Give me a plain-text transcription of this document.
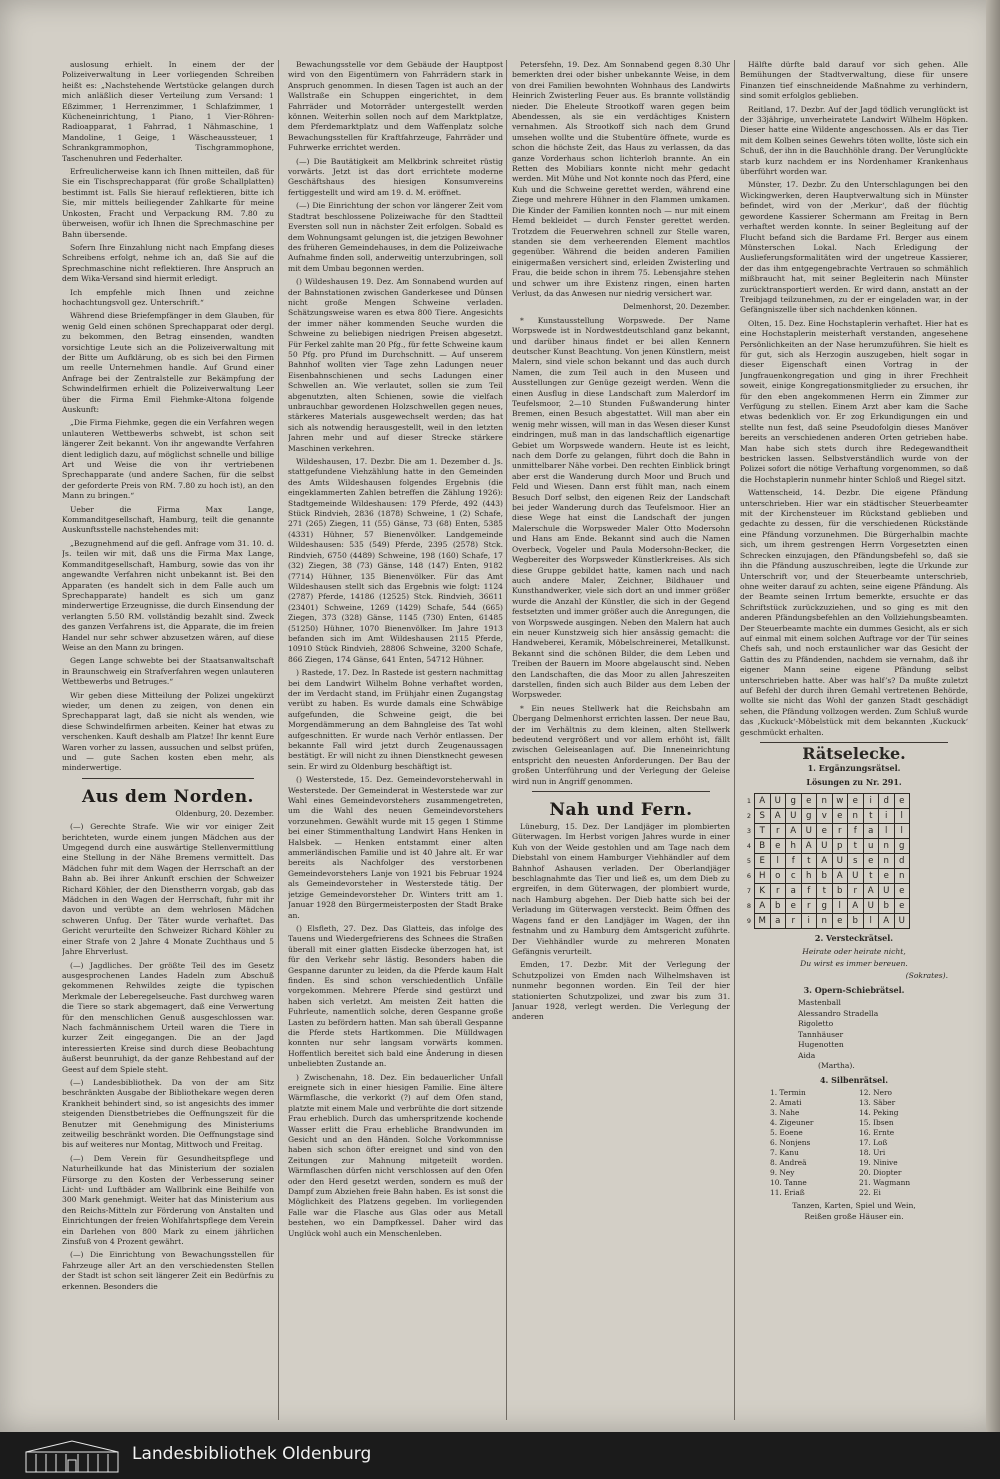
auslosung erhielt. In einem der der Polizeiverwaltung in Leer vorliegenden Schreiben heißt es: „Nachstehende Wertstücke gelangen durch mich anläßlich dieser Verteilung zum Versand: 1 Eßzimmer, 1 Herrenzimmer, 1 Schlafzimmer, 1 Kücheneinrichtung, 1 Piano, 1 Vier-Röhren-Radioapparat, 1 Fahrrad, 1 Nähmaschine, 1 Mandoline, 1 Geige, 1 Wäscheaussteuer, 1 Schrankgrammophon, Tischgrammophone, Taschenuhren und Federhalter.

Erfreulicherweise kann ich Ihnen mitteilen, daß für Sie ein Tischsprechapparat (für große Schallplatten) bestimmt ist. Falls Sie hierauf reflektieren, bitte ich Sie, mir mittels beiliegender Zahlkarte für meine Unkosten, Fracht und Verpackung RM. 7.80 zu überweisen, wofür ich Ihnen die Sprechmaschine per Bahn übersende.

Sofern Ihre Einzahlung nicht nach Empfang dieses Schreibens erfolgt, nehme ich an, daß Sie auf die Sprechmaschine nicht reflektieren. Ihre Anspruch an dem Wika-Versand sind hiermit erledigt.

Ich empfehle mich Ihnen und zeichne hochachtungsvoll gez. Unterschrift.“

Während diese Briefempfänger in dem Glauben, für wenig Geld einen schönen Sprechapparat oder dergl. zu bekommen, den Betrag einsenden, wandten vorsichtige Leute sich an die Polizeiverwaltung mit der Bitte um Aufklärung, ob es sich bei den Firmen um reelle Unternehmen handle. Auf Grund einer Anfrage bei der Zentralstelle zur Bekämpfung der Schwindelfirmen erhielt die Polizeiverwaltung Leer über die Firma Emil Fiehmke-Altona folgende Auskunft:

„Die Firma Fiehmke, gegen die ein Verfahren wegen unlauteren Wettbewerbs schwebt, ist schon seit längerer Zeit bekannt. Von ihr angewandte Verfahren dient lediglich dazu, auf möglichst schnelle und billige Art und Weise die von ihr vertriebenen Sprechapparate (und andere Sachen, für die selbst der geforderte Preis von RM. 7.80 zu hoch ist), an den Mann zu bringen.“

Ueber die Firma Max Lange, Kommanditgesellschaft, Hamburg, teilt die genannte Auskunftsstelle nachstehendes mit:

„Bezugnehmend auf die gefl. Anfrage vom 31. 10. d. Js. teilen wir mit, daß uns die Firma Max Lange, Kommanditgesellschaft, Hamburg, sowie das von ihr angewandte Verfahren nicht unbekannt ist. Bei den Apparaten (es handelt sich in dem Falle auch um Sprechapparate) handelt es sich um ganz minderwertige Erzeugnisse, die durch Einsendung der verlangten 5.50 RM. vollständig bezahlt sind. Zweck des ganzen Verfahrens ist, die Apparate, die im freien Handel nur sehr schwer abzusetzen wären, auf diese Weise an den Mann zu bringen.

Gegen Lange schwebte bei der Staatsanwaltschaft in Braunschweig ein Strafverfahren wegen unlauteren Wettbewerbs und Betruges.“

Wir geben diese Mitteilung der Polizei ungekürzt wieder, um denen zu zeigen, von denen ein Sprechapparat lagt, daß sie nicht als wenden, wie diese Schwindelfirmen arbeiten. Keiner hat etwas zu verschenken. Kauft deshalb am Platze! Ihr kennt Eure Waren vorher zu lassen, aussuchen und selbst prüfen, und — gute Sachen kosten eben mehr, als minderwertige.

Aus dem Norden.
Oldenburg, 20. Dezember.

(—) Gerechte Strafe. Wie wir vor einiger Zeit berichteten, wurde einem jungen Mädchen aus der Umgegend durch eine auswärtige Stellenvermittlung eine Stellung in der Nähe Bremens vermittelt. Das Mädchen fuhr mit dem Wagen der Herrschaft an der Bahn ab. Bei ihrer Ankunft erschien der Schweizer Richard Köhler, der den Dienstherrn vorgab, gab das Mädchen in den Wagen der Herrschaft, fuhr mit ihr davon und verübte an dem wehrlosen Mädchen schweren Unfug. Der Täter wurde verhaftet. Das Gericht verurteilte den Schweizer Richard Köhler zu einer Strafe von 2 Jahre 4 Monate Zuchthaus und 5 Jahre Ehrverlust.

(—) Jagdliches. Der größte Teil des im Gesetz ausgesprochenen Landes Hadeln zum Abschuß gekommenen Rehwildes zeigte die typischen Merkmale der Leberegelseuche. Fast durchweg waren die Tiere so stark abgemagert, daß eine Verwertung für den menschlichen Genuß ausgeschlossen war. Nach fachmännischem Urteil waren die Tiere in kurzer Zeit eingegangen. Die an der Jagd interessierten Kreise sind durch diese Beobachtung äußerst beunruhigt, da der ganze Rehbestand auf der Geest auf dem Spiele steht.

(—) Landesbibliothek. Da von der am Sitz beschränkten Ausgabe der Bibliothekare wegen deren Krankheit behindert sind, so ist angesichts des immer steigenden Dienstbetriebes die Oeffnungszeit für die Benutzer mit Genehmigung des Ministeriums zeitweilig beschränkt worden. Die Oeffnungstage sind bis auf weiteres nur Montag, Mittwoch und Freitag.

(—) Dem Verein für Gesundheitspflege und Naturheilkunde hat das Ministerium der sozialen Fürsorge zu den Kosten der Verbesserung seiner Licht- und Luftbäder am Wallbrink eine Beihilfe von 300 Mark genehmigt. Weiter hat das Ministerium aus den Reichs-Mitteln zur Förderung von Anstalten und Einrichtungen der freien Wohlfahrtspflege dem Verein ein Darlehen von 800 Mark zu einem jährlichen Zinsfuß von 4 Prozent gewährt.

(—) Die Einrichtung von Bewachungsstellen für Fahrzeuge aller Art an den verschiedensten Stellen der Stadt ist schon seit längerer Zeit ein Bedürfnis zu erkennen. Besonders die

Bewachungsstelle vor dem Gebäude der Hauptpost wird von den Eigentümern von Fahrrädern stark in Anspruch genommen. In diesen Tagen ist auch an der Wallstraße ein Schuppen eingerichtet, in dem Fahrräder und Motorräder untergestellt werden können. Weiterhin sollen noch auf dem Marktplatze, dem Pferdemarktplatz und dem Waffenplatz solche Bewachungsstellen für Kraftfahrzeuge, Fahrräder und Fuhrwerke errichtet werden.

(—) Die Bautätigkeit am Melkbrink schreitet rüstig vorwärts. Jetzt ist das dort errichtete moderne Geschäftshaus des hiesigen Konsumvereins fertiggestellt und wird am 19. d. M. eröffnet.

(—) Die Einrichtung der schon vor längerer Zeit vom Stadtrat beschlossene Polizeiwache für den Stadtteil Eversten soll nun in nächster Zeit erfolgen. Sobald es dem Wohnungsamt gelungen ist, die jetzigen Bewohner des früheren Gemeindehauses, in dem die Polizeiwache Aufnahme finden soll, anderweitig unterzubringen, soll mit dem Umbau begonnen werden.

() Wildeshausen 19. Dez. Am Sonnabend wurden auf der Bahnstationen zwischen Ganderkesee und Dünsen nicht große Mengen Schweine verladen. Schätzungsweise waren es etwa 800 Tiere. Angesichts der immer näher kommenden Seuche wurden die Schweine zu beliebigen niedrigen Preisen abgesetzt. Für Ferkel zahlte man 20 Pfg., für fette Schweine kaum 50 Pfg. pro Pfund im Durchschnitt. — Auf unserem Bahnhof wollten vier Tage zehn Ladungen neuer Eisenbahnschienen und sechs Ladungen einer Schwellen an. Wie verlautet, sollen sie zum Teil abgenutzten, alten Schienen, sowie die vielfach unbrauchbar gewordenen Holzschwellen gegen neues, stärkeres Materials ausgewechselt werden; das hat sich als notwendig herausgestellt, weil in den letzten Jahren mehr und auf dieser Strecke stärkere Maschinen verkehren.

Wildeshausen, 17. Dezbr. Die am 1. Dezember d. Js. stattgefundene Viehzählung hatte in den Gemeinden des Amts Wildeshausen folgendes Ergebnis (die eingeklammerten Zahlen betreffen die Zählung 1926): Stadtgemeinde Wildeshausen: 179 Pferde, 492 (443) Stück Rindvieh, 2836 (1878) Schweine, 1 (2) Schafe, 271 (265) Ziegen, 11 (55) Gänse, 73 (68) Enten, 5385 (4331) Hühner, 57 Bienenvölker. Landgemeinde Wildeshausen: 535 (549) Pferde, 2395 (2578) Stck. Rindvieh, 6750 (4489) Schweine, 198 (160) Schafe, 17 (32) Ziegen, 38 (73) Gänse, 148 (147) Enten, 9182 (7714) Hühner, 135 Bienenvölker. Für das Amt Wildeshausen stellt sich das Ergebnis wie folgt: 1124 (2787) Pferde, 14186 (12525) Stck. Rindvieh, 36611 (23401) Schweine, 1269 (1429) Schafe, 544 (665) Ziegen, 373 (328) Gänse, 1145 (730) Enten, 61485 (51250) Hühner, 1070 Bienenvölker. Im Jahre 1913 befanden sich im Amt Wildeshausen 2115 Pferde, 10910 Stück Rindvieh, 28806 Schweine, 3200 Schafe, 866 Ziegen, 174 Gänse, 641 Enten, 54712 Hühner.

) Rastede, 17. Dez. In Rastede ist gestern nachmittag bei dem Landwirt Wilhelm Bohne verhaftet worden, der im Verdacht stand, im Frühjahr einen Zugangstag verübt zu haben. Es wurde damals eine Schwäbige aufgefunden, die Schweine geigt, die bei Morgendämmerung an dem Bahngleise des Tat wohl aufgeschnitten. Er wurde nach Verhör entlassen. Der bekannte Fall wird jetzt durch Zeugenaussagen bestätigt. Er will nicht zu ihnen Dienstknecht gewesen sein. Er wird zu Oldenburg beschäftigt ist.

() Westerstede, 15. Dez. Gemeindevorsteherwahl in Westerstede. Der Gemeinderat in Westerstede war zur Wahl eines Gemeindevorstehers zusammengetreten, um die Wahl des neuen Gemeindevorstehers vorzunehmen. Gewählt wurde mit 15 gegen 1 Stimme bei einer Stimmenthaltung Landwirt Hans Henken in Halsbek. — Henken entstammt einer alten ammerländischen Familie und ist 40 Jahre alt. Er war bereits als Nachfolger des verstorbenen Gemeindevorstehers Lanje von 1921 bis Februar 1924 als Gemeindevorsteher in Westerstede tätig. Der jetzige Gemeindevorsteher Dr. Winters tritt am 1. Januar 1928 den Bürgermeisterposten der Stadt Brake an.

() Elsfleth, 27. Dez. Das Glatteis, das infolge des Tauens und Wiedergefrierens des Schnees die Straßen überall mit einer glatten Eisdecke überzogen hat, ist für den Verkehr sehr lästig. Besonders haben die Gespanne darunter zu leiden, da die Pferde kaum Halt finden. Es sind schon verschiedentlich Unfälle vorgekommen. Mehrere Pferde sind gestürzt und haben sich verletzt. Am meisten Zeit hatten die Fuhrleute, namentlich solche, deren Gespanne große Lasten zu befördern hatten. Man sah überall Gespanne die Pferde stets Hartkommen. Die Mülldwagen konnten nur sehr langsam vorwärts kommen. Hoffentlich bereitet sich bald eine Änderung in diesen unbeliebten Zustande an.

) Zwischenahn, 18. Dez. Ein bedauerlicher Unfall ereignete sich in einer hiesigen Familie. Eine ältere Wärmflasche, die verkorkt (?) auf dem Ofen stand, platzte mit einem Male und verbrühte die dort sitzende Frau erheblich. Durch das umherspritzende kochende Wasser erlitt die Frau erhebliche Brandwunden im Gesicht und an den Händen. Solche Vorkommnisse haben sich schon öfter ereignet und sind von den Zeitungen zur Mahnung mitgeteilt worden. Wärmflaschen dürfen nicht verschlossen auf den Ofen oder den Herd gesetzt werden, sondern es muß der Dampf zum Abziehen freie Bahn haben. Es ist sonst die Möglichkeit des Platzens gegeben. Im vorliegenden Falle war die Flasche aus Glas oder aus Metall bestehen, wo ein Dampfkessel. Daher wird das Unglück wohl auch ein Menschenleben.

Petersfehn, 19. Dez. Am Sonnabend gegen 8.30 Uhr bemerkten drei oder bisher unbekannte Weise, in dem von drei Familien bewohnten Wohnhaus des Landwirts Heinrich Zwisterling Feuer aus. Es brannte vollständig nieder. Die Eheleute Strootkoff waren gegen beim Abendessen, als sie ein verdächtiges Knistern vernahmen. Als Strootkoff sich nach dem Grund umsehen wollte und die Stubentüre öffnete, wurde es schon die höchste Zeit, das Haus zu verlassen, da das ganze Vorderhaus schon lichterloh brannte. An ein Retten des Mobiliars konnte nicht mehr gedacht werden. Mit Mühe und Not konnte noch das Pferd, eine Kuh und die Schweine gerettet werden, während eine Ziege und mehrere Hühner in den Flammen umkamen. Die Kinder der Familien konnten noch — nur mit einem Hemd bekleidet — durch Fenster gerettet werden. Trotzdem die Feuerwehren schnell zur Stelle waren, standen sie dem verheerenden Element machtlos gegenüber. Während die beiden anderen Familien einigermaßen versichert sind, erleiden Zwisterling und Frau, die beide schon in ihrem 75. Lebensjahre stehen und schwer um ihre Existenz ringen, einen harten Verlust, da das Anwesen nur niedrig versichert war.

Delmenhorst, 20. Dezember.

* Kunstausstellung Worpswede. Der Name Worpswede ist in Nordwestdeutschland ganz bekannt, und darüber hinaus findet er bei allen Kennern deutscher Kunst Beachtung. Von jenen Künstlern, meist Malern, sind viele schon bekannt und das auch durch Namen, die zum Teil auch in den Museen und Ausstellungen zur Genüge gezeigt werden. Wenn die einen Ausflug in diese Landschaft zum Malerdorf im Teufelsmoor, 2—10 Stunden Fußwanderung hinter Bremen, einen Besuch abgestattet. Will man aber ein wenig mehr wissen, will man in das Wesen dieser Kunst eindringen, muß man in das landschaftlich eigenartige Gebiet um Worpswede wandern. Heute ist es leicht, nach dem Dorfe zu gelangen, führt doch die Bahn in unmittelbarer Nähe vorbei. Den rechten Einblick bringt aber erst die Wanderung durch Moor und Bruch und Feld und Wiesen. Dann erst fühlt man, nach einem Besuch Dorf selbst, den eigenen Reiz der Landschaft bei jeder Wanderung durch das Teufelsmoor. Hier an diese Wege hat einst die Landschaft der jungen Malerschule die Worpsweder Maler Otto Modersohn und Hans am Ende. Bekannt sind auch die Namen Overbeck, Vogeler und Paula Modersohn-Becker, die Wegbereiter des Worpsweder Künstlerkreises. Als sich diese Gruppe gebildet hatte, kamen nach und nach auch andere Maler, Zeichner, Bildhauer und Kunsthandwerker, viele sich dort an und immer größer wurde die Anzahl der Künstler, die sich in der Gegend festsetzten und immer größer auch die Anregungen, die von Worpswede ausgingen. Neben den Malern hat auch ein neuer Kunstzweig sich hier ansässig gemacht: die Handweberei, Keramik, Möbelschreinerei, Metallkunst. Bekannt sind die schönen Bilder, die dem Leben und Treiben der Bauern im Moore abgelauscht sind. Neben den Landschaften, die das Moor zu allen Jahreszeiten darstellen, finden sich auch Bilder aus dem Leben der Worpsweder.

* Ein neues Stellwerk hat die Reichsbahn am Übergang Delmenhorst errichten lassen. Der neue Bau, der im Verhältnis zu dem kleinen, alten Stellwerk bedeutend vergrößert und vor allem erhöht ist, fällt zwischen Geleiseanlagen auf. Die Inneneinrichtung entspricht den neuesten Anforderungen. Der Bau der großen Unterführung und der Verlegung der Geleise wird nun in Angriff genommen.

Nah und Fern.

Lüneburg, 15. Dez. Der Landjäger im plombierten Güterwagen. Im Herbst vorigen Jahres wurde in einer Kuh von der Weide gestohlen und am Tage nach dem Diebstahl von einem Hamburger Viehhändler auf dem Bahnhof Ashausen verladen. Der Oberlandjäger beschlagnahmte das Tier und ließ es, um dem Dieb zu ergreifen, in dem Güterwagen, der plombiert wurde, nach Hamburg abgehen. Der Dieb hatte sich bei der Verladung im Güterwagen versteckt. Beim Öffnen des Wagens fand er den Landjäger im Wagen, der ihn festnahm und zu Hamburg dem Amtsgericht zuführte. Der Viehhändler wurde zu mehreren Monaten Gefängnis verurteilt.

Emden, 17. Dezbr. Mit der Verlegung der Schutzpolizei von Emden nach Wilhelmshaven ist nunmehr begonnen worden. Ein Teil der hier stationierten Schutzpolizei, und zwar bis zum 31. Januar 1928, verlegt werden. Die Verlegung der anderen

Hälfte dürfte bald darauf vor sich gehen. Alle Bemühungen der Stadtverwaltung, diese für unsere Finanzen tief einschneidende Maßnahme zu verhindern, sind somit erfolglos geblieben.

Reitland, 17. Dezbr. Auf der Jagd tödlich verunglückt ist der 33jährige, unverheiratete Landwirt Wilhelm Höpken. Dieser hatte eine Wildente angeschossen. Als er das Tier mit dem Kolben seines Gewehrs töten wollte, löste sich ein Schuß, der ihn in die Bauchhöhle drang. Der Verunglückte starb kurz nachdem er ins Nordenhamer Krankenhaus überführt worden war.

Münster, 17. Dezbr. Zu den Unterschlagungen bei den Wickingwerken, deren Hauptverwaltung sich in Münster befindet, wird von der ‚Merkur‘, daß der flüchtig gewordene Kassierer Schermann am Freitag in Bern verhaftet werden konnte. In seiner Begleitung auf der Flucht befand sich die Bardame Frl. Berger aus einem Münsterschen Lokal. Nach Erledigung der Auslieferungsformalitäten wird der ungetreue Kassierer, der das ihm entgegengebrachte Vertrauen so schmählich mißbraucht hat, mit seiner Begleiterin nach Münster zurücktransportiert werden. Er wird dann, anstatt an der Treibjagd teilzunehmen, zu der er eingeladen war, in der Gefängniszelle über sich nachdenken können.

Olten, 15. Dez. Eine Hochstaplerin verhaftet. Hier hat es eine Hochstaplerin meisterhaft verstanden, angesehene Persönlichkeiten an der Nase herumzuführen. Sie hielt es für gut, sich als Herzogin auszugeben, hielt sogar in dieser Eigenschaft einen Vortrag in der Jungfrauenkongregation und ging in ihrer Frechheit soweit, einige Kongregationsmitglieder zu ersuchen, ihr für den eben angekommenen Herrn ein Zimmer zur Verfügung zu stellen. Einem Arzt aber kam die Sache etwas bedenklich vor. Er zog Erkundigungen ein und stellte nun fest, daß seine Pseudofolgin dieses Manöver bereits an verschiedenen anderen Orten getrieben habe. Man habe sich stets durch ihre Redegewandtheit bestricken lassen. Selbstverständlich wurde von der Polizei sofort die nötige Verhaftung vorgenommen, so daß die Hochstaplerin nunmehr hinter Schloß und Riegel sitzt.

Wattenscheid, 14. Dezbr. Die eigene Pfändung unterschrieben. Hier war ein städtischer Steuerbeamter mit der Kirchensteuer im Rückstand geblieben und gedachte zu dessen, für die verschiedenen Rückstände eine Pfändung vorzunehmen. Die Bürgerhalbin machte sich, um ihrem gestrengen Herrn Vorgesetzten einen Schrecken einzujagen, den Pfändungsbefehl so, daß sie ihn die Pfändung auszuschreiben, legte die Urkunde zur Unterschrift vor, und der Steuerbeamte unterschrieb, ohne weiter darauf zu achten, seine eigene Pfändung. Als der Beamte seinen Irrtum bemerkte, ersuchte er das Schriftstück zurückzuziehen, und so ging es mit den anderen Pfändungsbefehlen an den Vollziehungsbeamten. Der Steuerbeamte machte ein dummes Gesicht, als er sich auf einmal mit einem solchen Auftrage vor der Tür seines Chefs sah, und noch erstaunlicher war das Gesicht der Gattin des zu Pfändenden, nachdem sie vernahm, daß ihr eigener Mann seine eigene Pfändung selbst unterschrieben hatte. Aber was half’s? Da mußte zuletzt auf Befehl der durch ihren Gemahl vertretenen Behörde, wollte sie nicht das Wohl der ganzen Stadt geschädigt sehen, die Pfändung vollzogen werden. Zum Schluß wurde das ‚Kuckuck‘-Möbelstück mit dem bekannten ‚Kuckuck‘ geschmückt erhalten.

Rätselecke.
1. Ergänzungsrätsel.
Lösungen zu Nr. 291.
1	A	U	g	e	n	w	e	i	d	e
2	S	A	U	g	v	e	n	t	i	l
3	T	r	A	U	e	r	f	a	l	l
4	B	e	h	A	U	p	t	u	n	g
5	E	l	f	t	A	U	s	e	n	d
6	H	o	c	h	b	A	U	t	e	n
7	K	r	a	f	t	b	r	A	U	e
8	A	b	e	r	g	l	A	U	b	e
9	M	a	r	i	n	e	b	l	A	U
2. Versteckrätsel.
Heirate oder heirate nicht,
Du wirst es immer bereuen.
(Sokrates).
3. Opern-Schiebrätsel.
Mastenball
Alessandro Stradella
Rigoletto
Tannhäuser
Hugenotten
Aida
(Martha).
4. Silbenrätsel.
1. Termin	12. Nero
2. Amati	13. Säber
3. Nahe	14. Peking
4. Zigeuner	15. Ibsen
5. Eoene	16. Ernte
6. Nonjens	17. Loß
7. Kanu	18. Uri
8. Andreä	19. Ninive
9. Ney	20. Diopter
10. Tanne	21. Wagmann
11. Eriaß	22. Ei
Tanzen, Karten, Spiel und Wein,
Reißen große Häuser ein.
Landesbibliothek Oldenburg
